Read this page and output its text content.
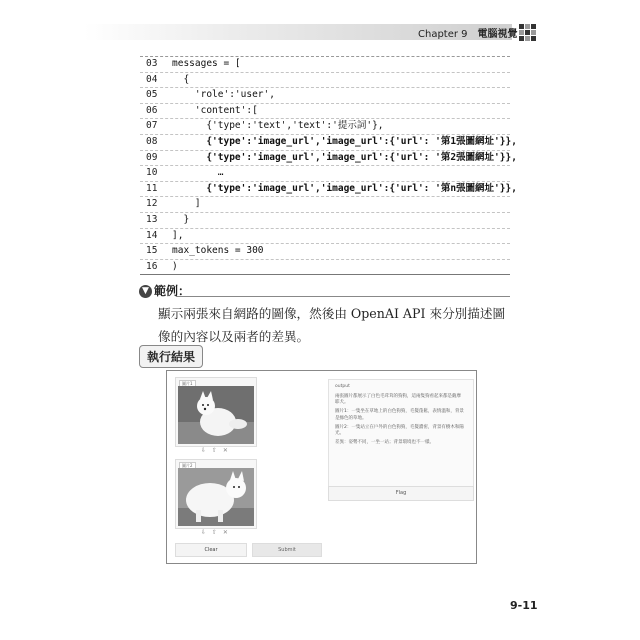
Chapter 9 電腦視覺
03 messages = [
04 {
05 'role':'user',
06 'content':[
07 {'type':'text','text':'提示詞'},
08 {'type':'image_url','image_url':{'url': '第1張圖網址'}},
09 {'type':'image_url','image_url':{'url': '第2張圖網址'}},
10 …
11 {'type':'image_url','image_url':{'url': '第n張圖網址'}},
12 ]
13 }
14 ],
15 max_tokens = 300
16 )
▼ 範例：
顯示兩張來自網路的圖像，然後由 OpenAI API 來分別描述圖像的內容以及兩者的差異。
執行結果
圖片1
⇩ ⇧ ✕
圖片2
⇩ ⇧ ✕
output

兩張圖片都展示了白色毛茸茸的狗狗，這兩隻狗看起來都是薩摩耶犬。

圖片1：一隻坐在草地上的白色狗狗，毛髮蓬鬆，表情溫和，背景是綠色的草地。

圖片2：一隻站立在戶外的白色狗狗，毛髮濃密，背景有樹木和陽光。

差異：姿勢不同，一坐一站；背景環境也不一樣。

Flag
Clear	Submit
9-11
